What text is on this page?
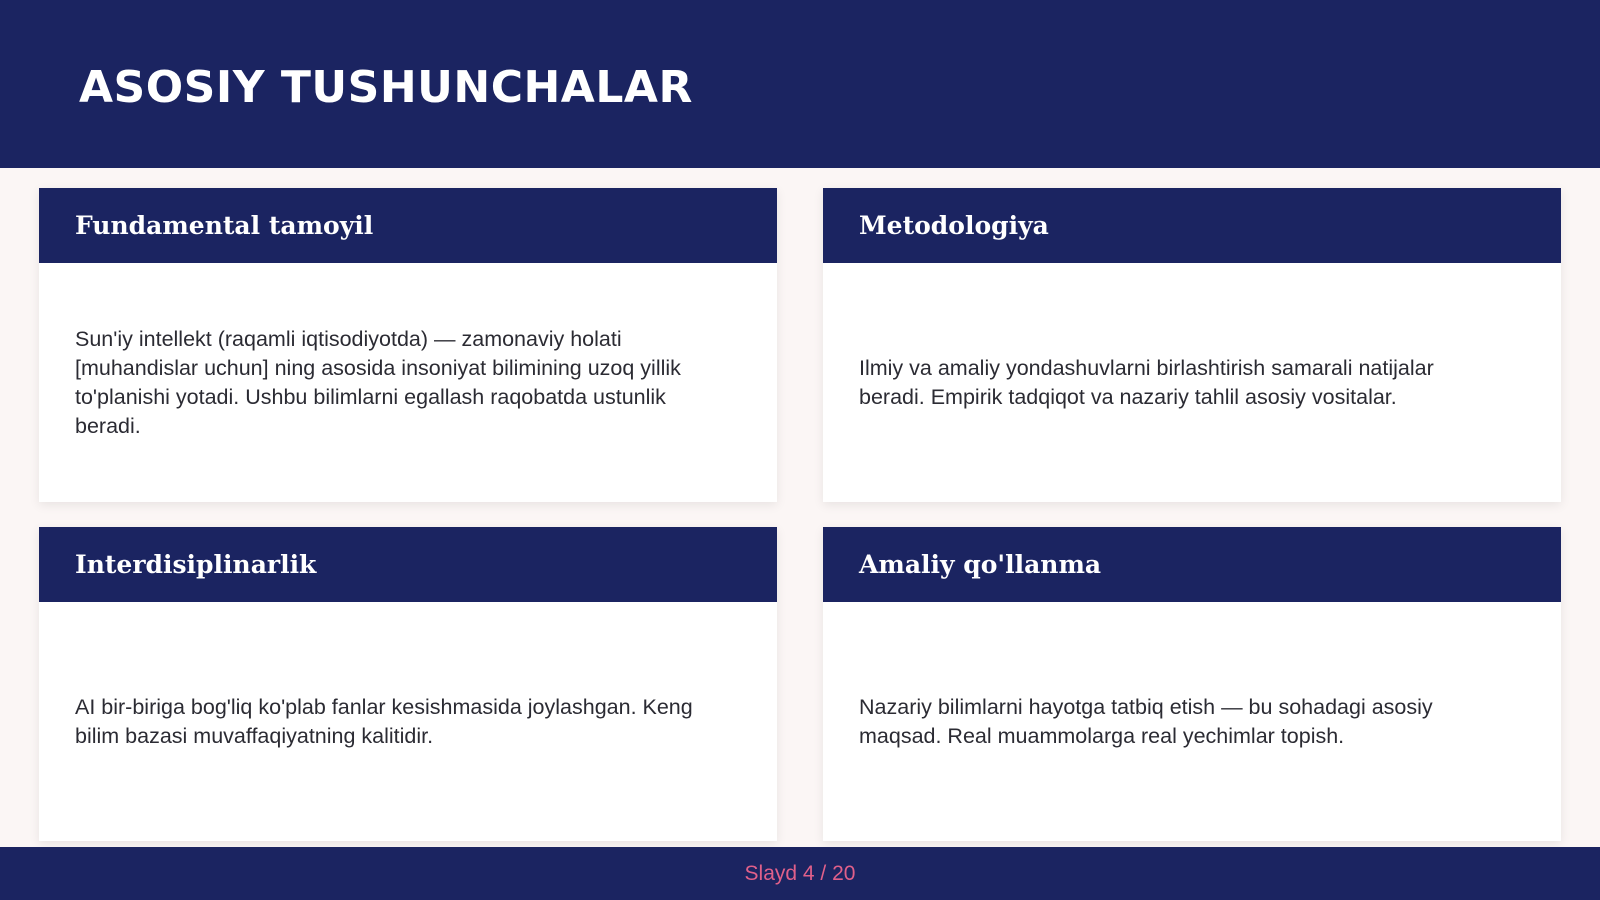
ASOSIY TUSHUNCHALAR
Fundamental tamoyil

Sun'iy intellekt (raqamli iqtisodiyotda) — zamonaviy holati [muhandislar uchun] ning asosida insoniyat bilimining uzoq yillik to'planishi yotadi. Ushbu bilimlarni egallash raqobatda ustunlik beradi.

Metodologiya

Ilmiy va amaliy yondashuvlarni birlashtirish samarali natijalar beradi. Empirik tadqiqot va nazariy tahlil asosiy vositalar.

Interdisiplinarlik

AI bir-biriga bog'liq ko'plab fanlar kesishmasida joylashgan. Keng bilim bazasi muvaffaqiyatning kalitidir.

Amaliy qo'llanma

Nazariy bilimlarni hayotga tatbiq etish — bu sohadagi asosiy maqsad. Real muammolarga real yechimlar topish.

Slayd 4 / 20
